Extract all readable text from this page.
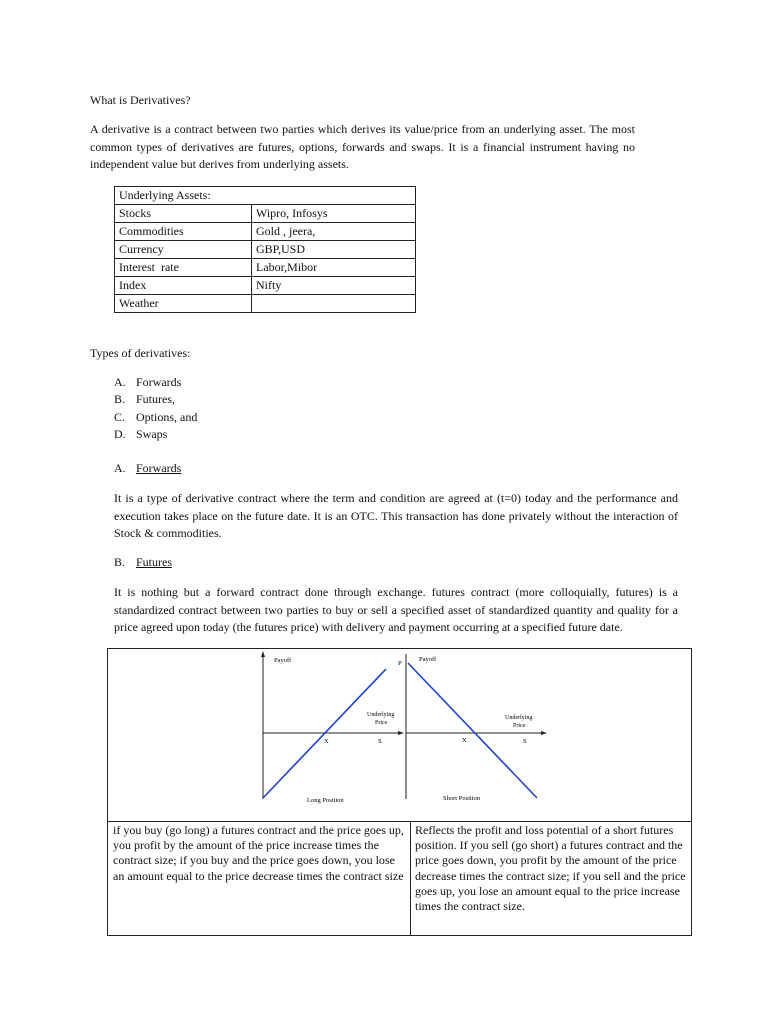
What is Derivatives?
A derivative is a contract between two parties which derives its value/price from an underlying asset. The most common types of derivatives are futures, options, forwards and swaps. It is a financial instrument having no independent value but derives from underlying assets.
Underlying Assets:	
Stocks	Wipro, Infosys
Commodities	Gold , jeera,
Currency	GBP,USD
Interest  rate	Labor,Mibor
Index	Nifty
Weather	
Types of derivatives:
A. Forwards
B. Futures,
C. Options, and
D. Swaps
A. Forwards
It is a type of derivative contract where the term and condition are agreed at (t=0) today and the performance and execution takes place on the future date. It is an OTC. This transaction has done privately without the interaction of Stock & commodities.
B. Futures
It is nothing but a forward contract done through exchange. futures contract (more colloquially, futures) is a standardized contract between two parties to buy or sell a specified asset of standardized quantity and quality for a price agreed upon today (the futures price) with delivery and payment occurring at a specified future date.
Payoff
Underlying
Price
X	S
Long Position
P
Payoff
Underlying
Price
X	S
Short Position
if you buy (go long) a futures contract and the price goes up, you profit by the amount of the price increase times the contract size; if you buy and the price goes down, you lose an amount equal to the price decrease times the contract size
Reflects the profit and loss potential of a short futures position. If you sell (go short) a futures contract and the price goes down, you profit by the amount of the price decrease times the contract size; if you sell and the price goes up, you lose an amount equal to the price increase times the contract size.
